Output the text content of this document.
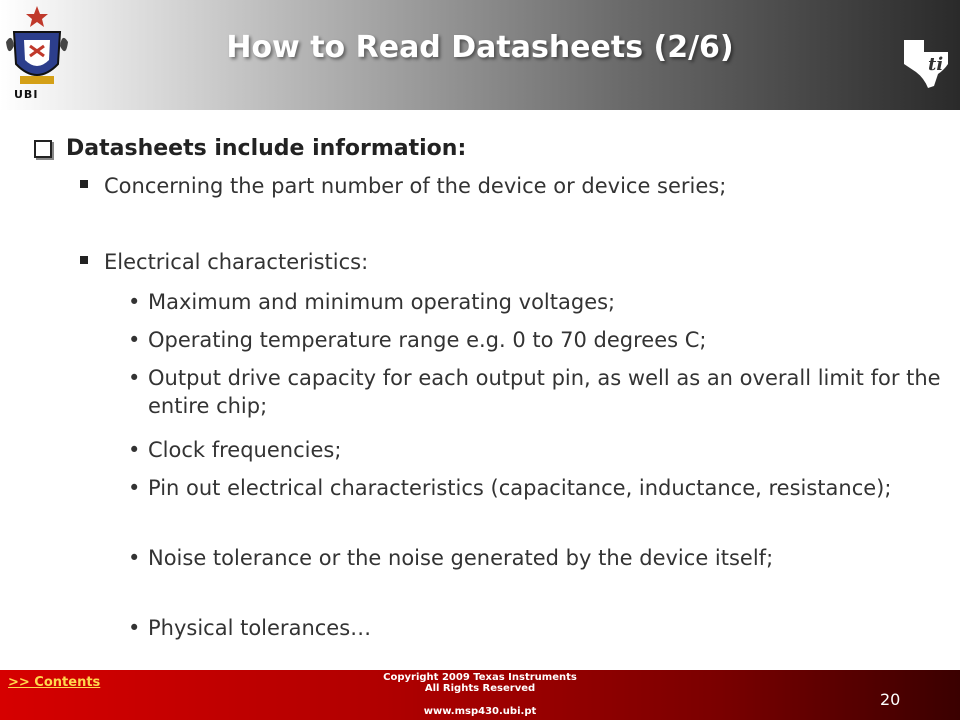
UBI
How to Read Datasheets (2/6)	ti
Datasheets include information:
Concerning the part number of the device or device series;
Electrical characteristics:
• Maximum and minimum operating voltages;
• Operating temperature range e.g. 0 to 70 degrees C;
• Output drive capacity for each output pin, as well as an overall limit for the entire chip;
• Clock frequencies;
• Pin out electrical characteristics (capacitance, inductance, resistance);
• Noise tolerance or the noise generated by the device itself;
• Physical tolerances…
>> Contents	Copyright 2009 Texas Instruments
All Rights Reserved
www.msp430.ubi.pt
20
